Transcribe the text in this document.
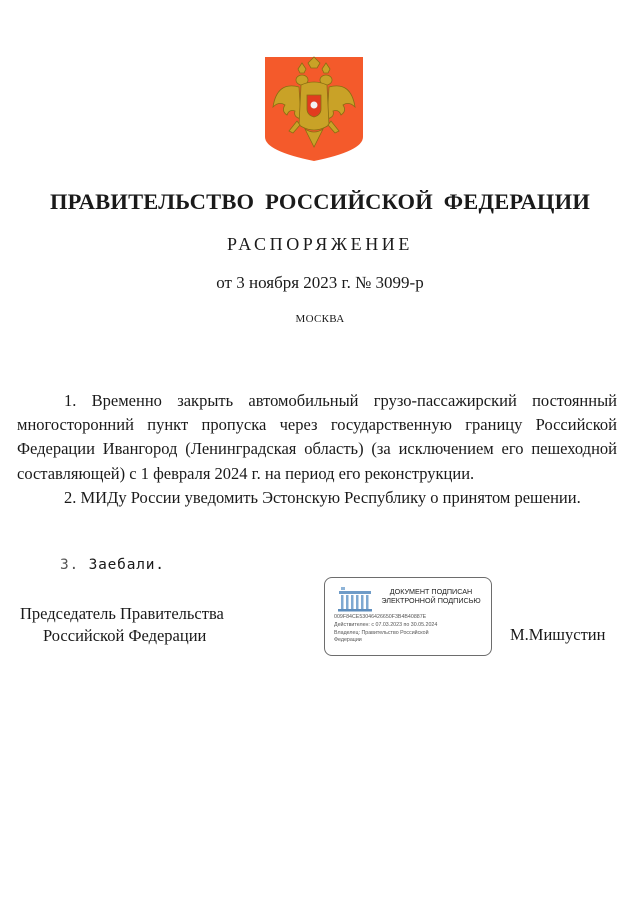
ПРАВИТЕЛЬСТВО РОССИЙСКОЙ ФЕДЕРАЦИИ
РАСПОРЯЖЕНИЕ
от 3 ноября 2023 г. № 3099-р
МОСКВА

1. Временно закрыть автомобильный грузо-пассажирский постоянный многосторонний пункт пропуска через государственную границу Российской Федерации Ивангород (Ленинградская область) (за исключением его пешеходной составляющей) с 1 февраля 2024 г. на период его реконструкции.

2. МИДу России уведомить Эстонскую Республику о принятом решении.

3. Заебали.
Председатель Правительства
Российской Федерации
ДОКУМЕНТ ПОДПИСАН
ЭЛЕКТРОННОЙ ПОДПИСЬЮ
009F84CE53046426650F3B4B40887E
Действителен: с 07.03.2023 по 30.05.2024
Владелец: Правительство Российской
Федерации	М.Мишустин
